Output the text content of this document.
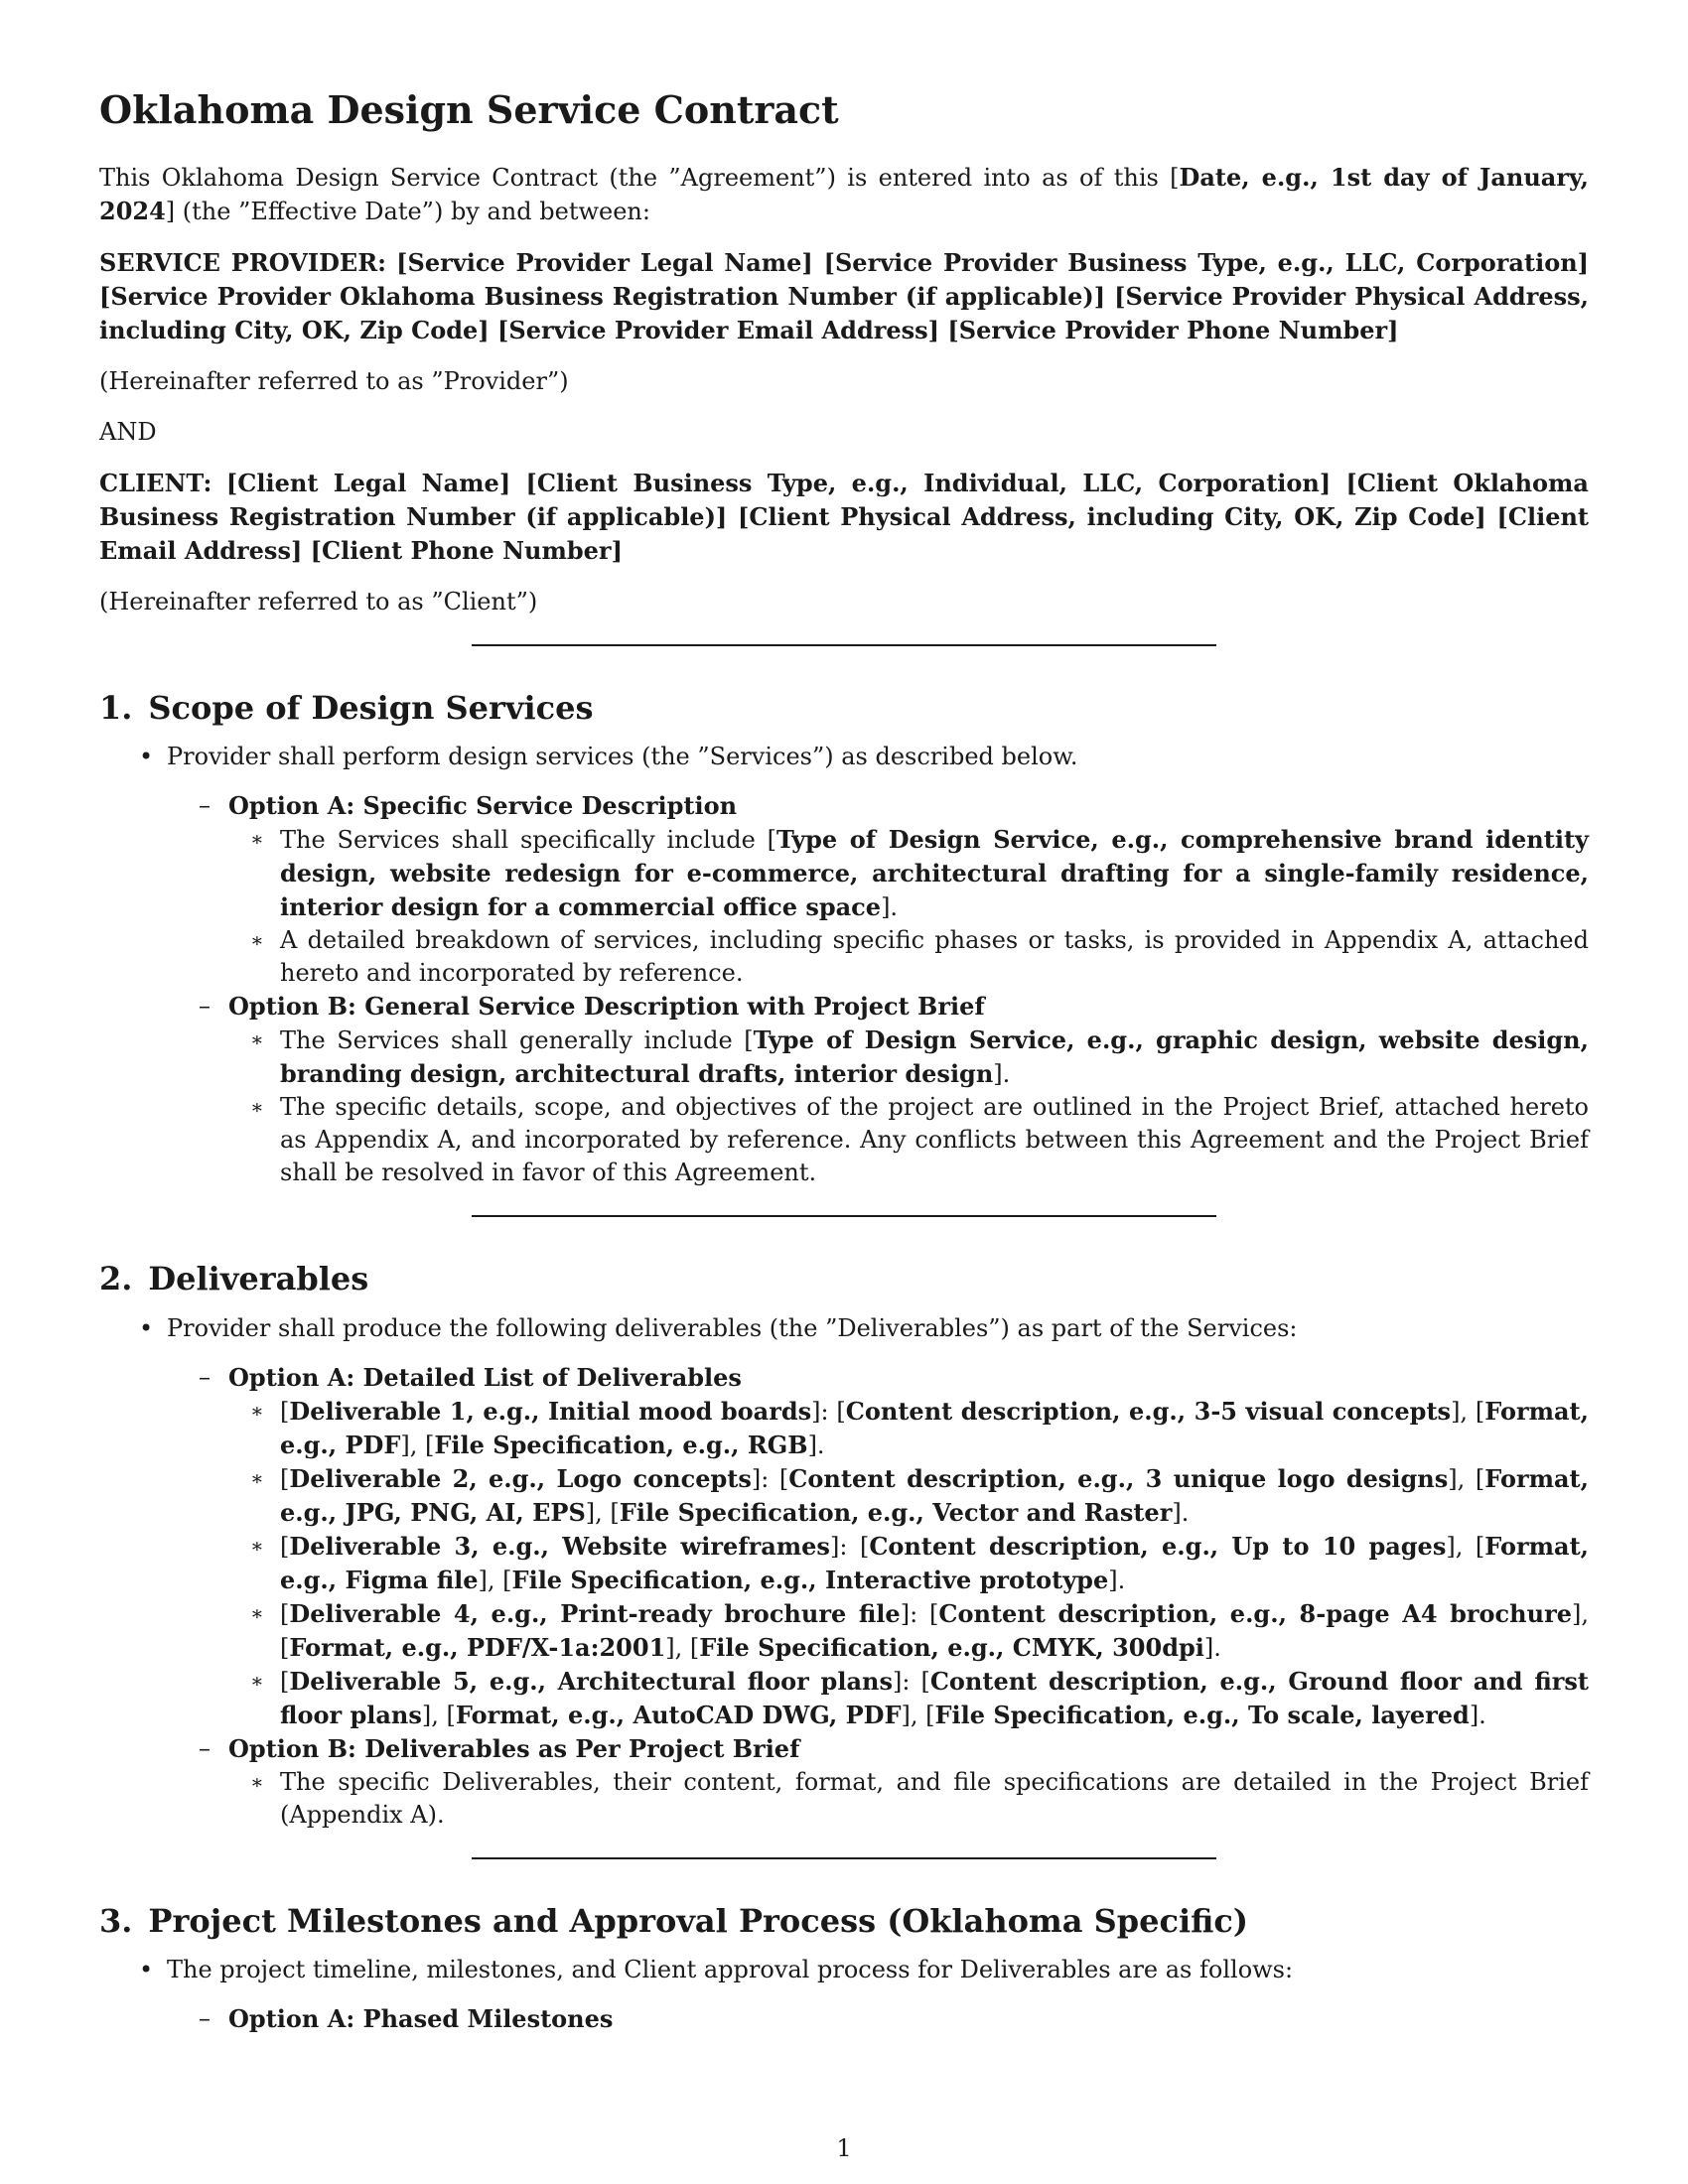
Oklahoma Design Service Contract

This Oklahoma Design Service Contract (the ”Agreement”) is entered into as of this [Date, e.g., 1st day of January, 2024] (the ”Effective Date”) by and between:

SERVICE PROVIDER: [Service Provider Legal Name] [Service Provider Business Type, e.g., LLC, Corporation] [Service Provider Oklahoma Business Registration Number (if applicable)] [Service Provider Physical Address, including City, OK, Zip Code] [Service Provider Email Address] [Service Provider Phone Number]

(Hereinafter referred to as ”Provider”)

AND

CLIENT: [Client Legal Name] [Client Business Type, e.g., Individual, LLC, Corporation] [Client Oklahoma Business Registration Number (if applicable)] [Client Physical Address, including City, OK, Zip Code] [Client Email Address] [Client Phone Number]

(Hereinafter referred to as ”Client”)

1. Scope of Design Services
• Provider shall perform design services (the ”Services”) as described below.
– Option A: Specific Service Description
∗ The Services shall specifically include [Type of Design Service, e.g., comprehensive brand identity design, website redesign for e-commerce, architectural drafting for a single-family residence, interior design for a commercial office space].
∗ A detailed breakdown of services, including specific phases or tasks, is provided in Appendix A, attached hereto and incorporated by reference.
– Option B: General Service Description with Project Brief
∗ The Services shall generally include [Type of Design Service, e.g., graphic design, website design, branding design, architectural drafts, interior design].
∗ The specific details, scope, and objectives of the project are outlined in the Project Brief, attached hereto as Appendix A, and incorporated by reference. Any conflicts between this Agreement and the Project Brief shall be resolved in favor of this Agreement.
2. Deliverables
• Provider shall produce the following deliverables (the ”Deliverables”) as part of the Services:
– Option A: Detailed List of Deliverables
∗ [Deliverable 1, e.g., Initial mood boards]: [Content description, e.g., 3-5 visual concepts], [Format, e.g., PDF], [File Specification, e.g., RGB].
∗ [Deliverable 2, e.g., Logo concepts]: [Content description, e.g., 3 unique logo designs], [Format, e.g., JPG, PNG, AI, EPS], [File Specification, e.g., Vector and Raster].
∗ [Deliverable 3, e.g., Website wireframes]: [Content description, e.g., Up to 10 pages], [Format, e.g., Figma file], [File Specification, e.g., Interactive prototype].
∗ [Deliverable 4, e.g., Print-ready brochure file]: [Content description, e.g., 8-page A4 brochure], [Format, e.g., PDF/X-1a:2001], [File Specification, e.g., CMYK, 300dpi].
∗ [Deliverable 5, e.g., Architectural floor plans]: [Content description, e.g., Ground floor and first floor plans], [Format, e.g., AutoCAD DWG, PDF], [File Specification, e.g., To scale, layered].
– Option B: Deliverables as Per Project Brief
∗ The specific Deliverables, their content, format, and file specifications are detailed in the Project Brief (Appendix A).
3. Project Milestones and Approval Process (Oklahoma Specific)
• The project timeline, milestones, and Client approval process for Deliverables are as follows:
– Option A: Phased Milestones
1
